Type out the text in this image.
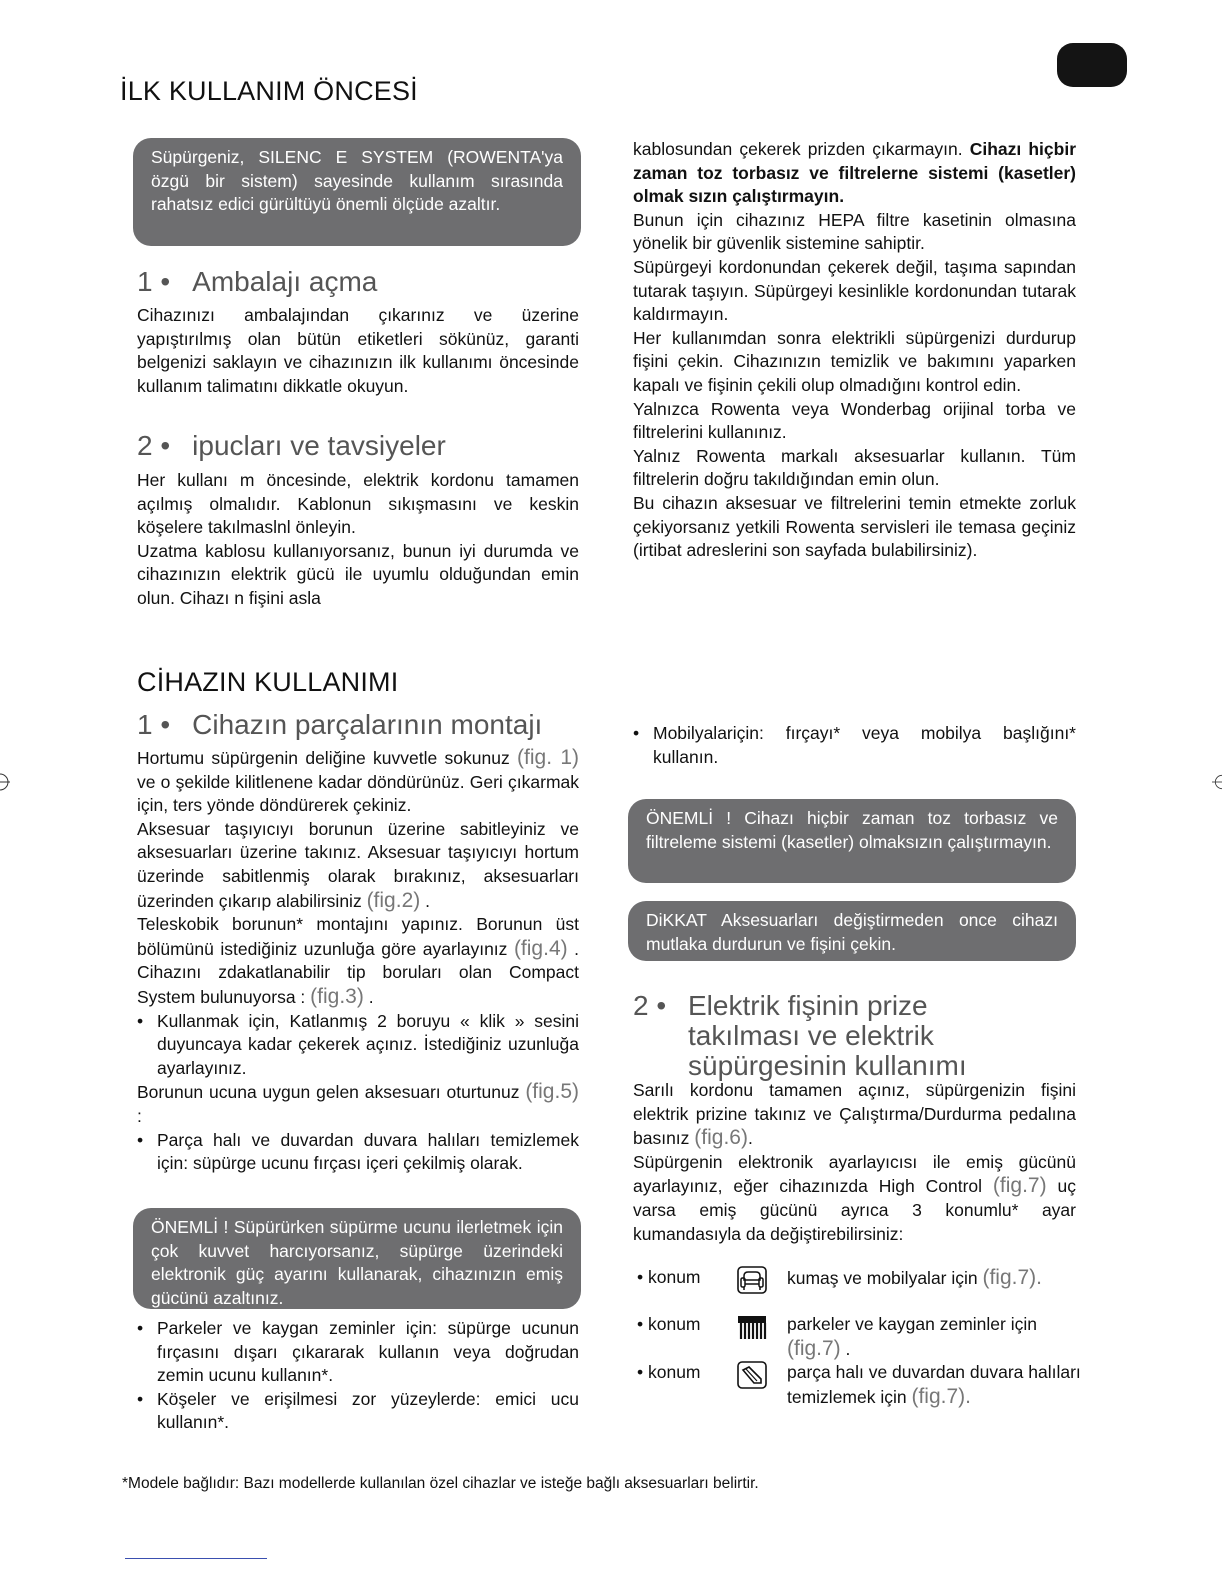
İLK KULLANIM ÖNCESİ
Süpürgeniz, SILENC E SYSTEM (ROWENTA'ya özgü bir sistem) sayesinde kullanım sırasında rahatsız edici gürültüyü önemli ölçüde azaltır.
1 • Ambalajı açma
Cihazınızı ambalajından çıkarınız ve üzerine yapıştırılmış olan bütün etiketleri sökünüz, garanti belgenizi saklayın ve cihazınızın ilk kullanımı öncesinde kullanım talimatını dikkatle okuyun.
2 • ipucları ve tavsiyeler

Her kullanı m öncesinde, elektrik kordonu tamamen açılmış olmalıdır. Kablonun sıkışmasını ve keskin köşelere takılmaslnl önleyin.

Uzatma kablosu kullanıyorsanız, bunun iyi durumda ve cihazınızın elektrik gücü ile uyumlu olduğundan emin olun. Cihazı n fişini asla

kablosundan çekerek prizden çıkarmayın. Cihazı hiçbir zaman toz torbasız ve filtrelerne sistemi (kasetler) olmak sızın çalıştırmayın.

Bunun için cihazınız HEPA filtre kasetinin olmasına yönelik bir güvenlik sistemine sahiptir.

Süpürgeyi kordonundan çekerek değil, taşıma sapından tutarak taşıyın. Süpürgeyi kesinlikle kordonundan tutarak kaldırmayın.

Her kullanımdan sonra elektrikli süpürgenizi durdurup fişini çekin. Cihazınızın temizlik ve bakımını yaparken kapalı ve fişinin çekili olup olmadığını kontrol edin.

Yalnızca Rowenta veya Wonderbag orijinal torba ve filtrelerini kullanınız.

Yalnız Rowenta markalı aksesuarlar kullanın. Tüm filtrelerin doğru takıldığından emin olun.

Bu cihazın aksesuar ve filtrelerini temin etmekte zorluk çekiyorsanız yetkili Rowenta servisleri ile temasa geçiniz (irtibat adreslerini son sayfada bulabilirsiniz).

CİHAZIN KULLANIMI
1 • Cihazın parçalarının montajı

Hortumu süpürgenin deliğine kuvvetle sokunuz (fig. 1) ve o şekilde kilitlenene kadar döndürünüz. Geri çıkarmak için, ters yönde döndürerek çekiniz.

Aksesuar taşıyıcıyı borunun üzerine sabitleyiniz ve aksesuarları üzerine takınız. Aksesuar taşıyıcıyı hortum üzerinde sabitlenmiş olarak bırakınız, aksesuarları üzerinden çıkarıp alabilirsiniz (fig.2) .

Teleskobik borunun* montajını yapınız. Borunun üst bölümünü istediğiniz uzunluğa göre ayarlayınız (fig.4) . Cihazını zdakatlanabilir tip boruları olan Compact System bulunuyorsa : (fig.3) .

• Kullanmak için, Katlanmış 2 boruyu « klik » sesini duyuncaya kadar çekerek açınız. İstediğiniz uzunluğa ayarlayınız.

Borunun ucuna uygun gelen aksesuarı oturtunuz (fig.5) :

• Parça halı ve duvardan duvara halıları temizlemek için: süpürge ucunu fırçası içeri çekilmiş olarak.
ÖNEMLİ ! Süpürürken süpürme ucunu ilerletmek için çok kuvvet harcıyorsanız, süpürge üzerindeki elektronik güç ayarını kullanarak, cihazınızın emiş gücünü azaltınız.
• Parkeler ve kaygan zeminler için: süpürge ucunun fırçasını dışarı çıkararak kullanın veya doğrudan zemin ucunu kullanın*.
• Köşeler ve erişilmesi zor yüzeylerde: emici ucu kullanın*.
• Mobilyalariçin: fırçayı* veya mobilya başlığını* kullanın.
ÖNEMLİ ! Cihazı hiçbir zaman toz torbasız ve filtreleme sistemi (kasetler) olmaksızın çalıştırmayın.
DiKKAT Aksesuarları değiştirmeden once cihazı mutlaka durdurun ve fişini çekin.
2 • Elektrik fişinin prize
takılması ve elektrik
süpürgesinin kullanımı

Sarılı kordonu tamamen açınız, süpürgenizin fişini elektrik prizine takınız ve Çalıştırma/Durdurma pedalına basınız (fig.6).

Süpürgenin elektronik ayarlayıcısı ile emiş gücünü ayarlayınız, eğer cihazınızda High Control (fig.7) uç varsa emiş gücünü ayrıca 3 konumlu* ayar kumandasıyla da değiştirebilirsiniz:

• konum	kumaş ve mobilyalar için (fig.7).
• konum	parkeler ve kaygan zeminler için (fig.7) .
• konum	parça halı ve duvardan duvara halıları temizlemek için (fig.7).
*Modele bağlıdır: Bazı modellerde kullanılan özel cihazlar ve isteğe bağlı aksesuarları belirtir.
